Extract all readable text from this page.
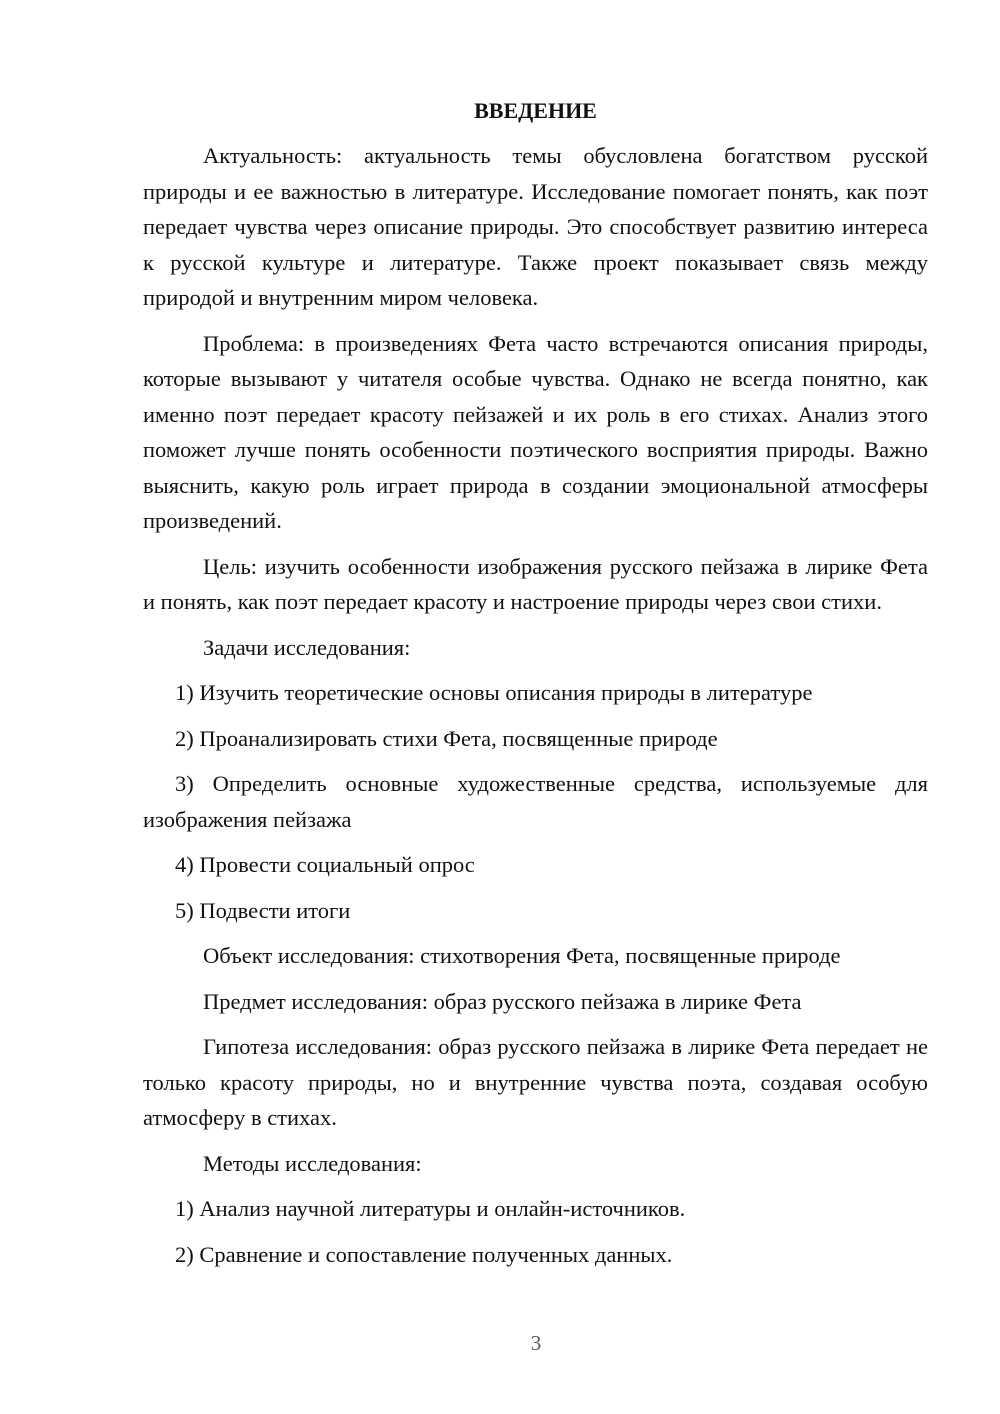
ВВЕДЕНИЕ

Актуальность: актуальность темы обусловлена богатством русской природы и ее важностью в литературе. Исследование помогает понять, как поэт передает чувства через описание природы. Это способствует развитию интереса к русской культуре и литературе. Также проект показывает связь между природой и внутренним миром человека.

Проблема: в произведениях Фета часто встречаются описания природы, которые вызывают у читателя особые чувства. Однако не всегда понятно, как именно поэт передает красоту пейзажей и их роль в его стихах. Анализ этого поможет лучше понять особенности поэтического восприятия природы. Важно выяснить, какую роль играет природа в создании эмоциональной атмосферы произведений.

Цель: изучить особенности изображения русского пейзажа в лирике Фета и понять, как поэт передает красоту и настроение природы через свои стихи.

Задачи исследования:
1) Изучить теоретические основы описания природы в литературе
2) Проанализировать стихи Фета, посвященные природе
3) Определить основные художественные средства, используемые для изображения пейзажа
4) Провести социальный опрос
5) Подвести итоги
Объект исследования: стихотворения Фета, посвященные природе
Предмет исследования: образ русского пейзажа в лирике Фета

Гипотеза исследования: образ русского пейзажа в лирике Фета передает не только красоту природы, но и внутренние чувства поэта, создавая особую атмосферу в стихах.

Методы исследования:
1) Анализ научной литературы и онлайн-источников.
2) Сравнение и сопоставление полученных данных.
3
